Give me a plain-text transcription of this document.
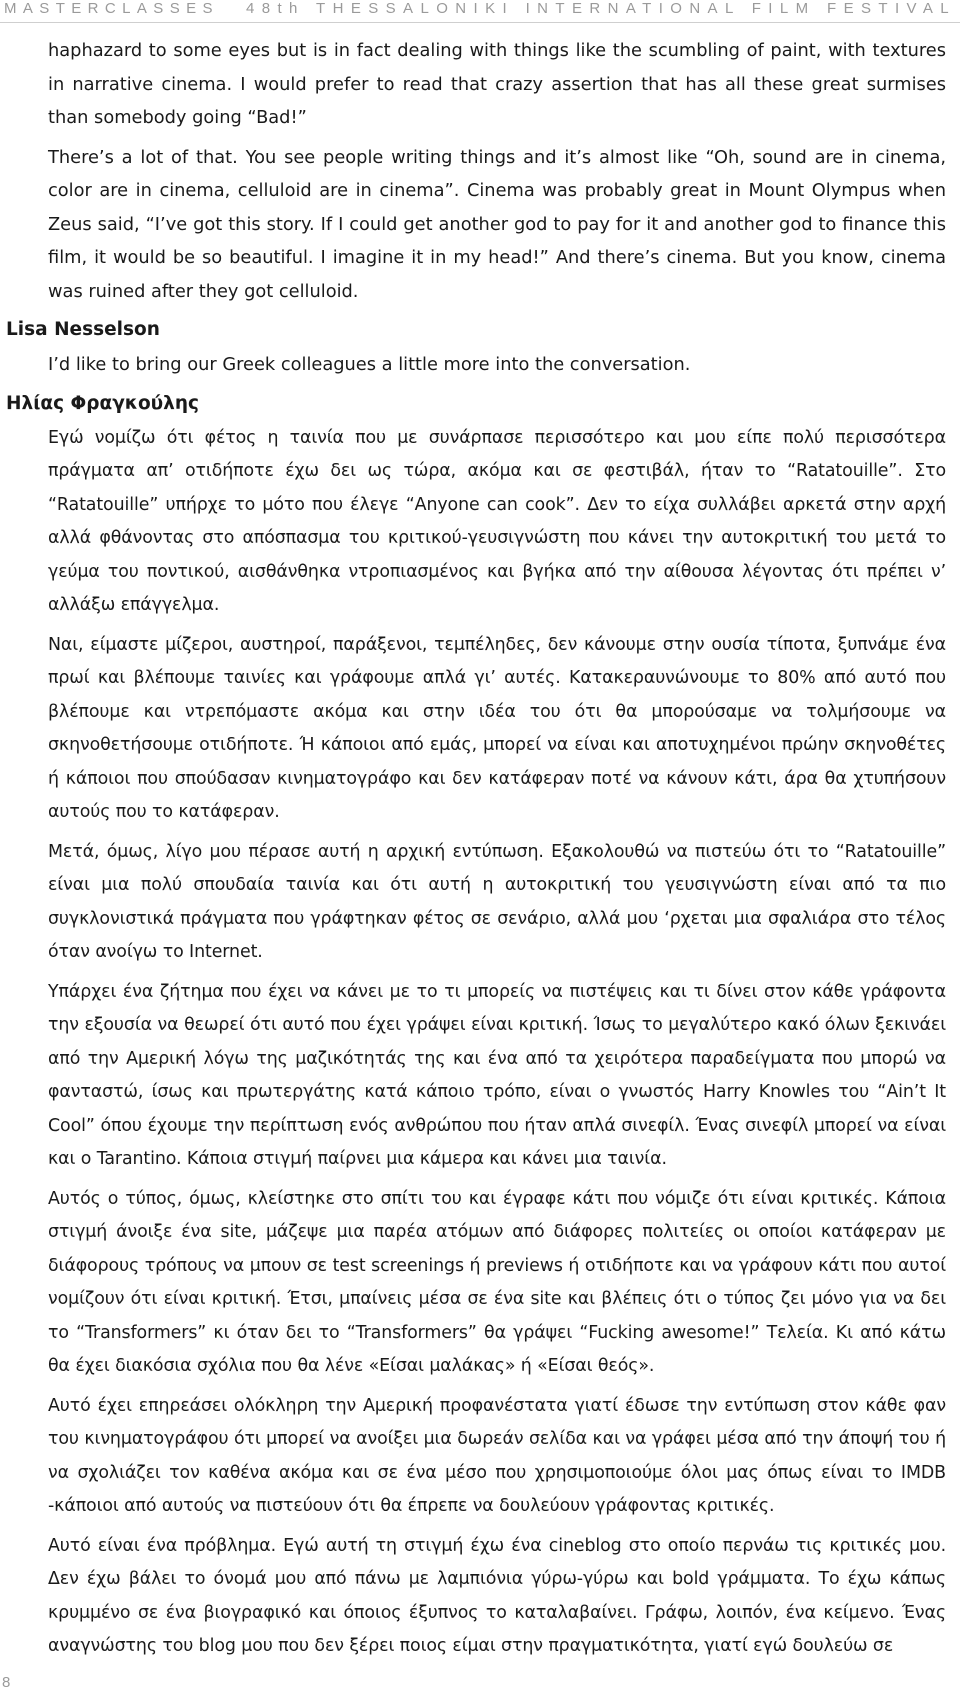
MASTERCLASSES 48th THESSALONIKI INTERNATIONAL FILM FESTIVAL

haphazard to some eyes but is in fact dealing with things like the scumbling of paint, with textures in narrative cinema. I would prefer to read that crazy assertion that has all these great surmises than somebody going “Bad!”

There’s a lot of that. You see people writing things and it’s almost like “Oh, sound are in cinema, color are in cinema, celluloid are in cinema”. Cinema was probably great in Mount Olympus when Zeus said, “I’ve got this story. If I could get another god to pay for it and another god to finance this film, it would be so beautiful. I imagine it in my head!” And there’s cinema. But you know, cinema was ruined after they got celluloid.

Lisa Nesselson

I’d like to bring our Greek colleagues a little more into the conversation.

Ηλίας Φραγκούλης

Εγώ νομίζω ότι φέτος η ταινία που με συνάρπασε περισσότερο και μου είπε πολύ περισσότερα πράγματα απ’ οτιδήποτε έχω δει ως τώρα, ακόμα και σε φεστιβάλ, ήταν το “Ratatouille”. Στο “Ratatouille” υπήρχε το μότο που έλεγε “Anyone can cook”. Δεν το είχα συλλάβει αρκετά στην αρχή αλλά φθάνοντας στο απόσπασμα του κριτικού-γευσιγνώστη που κάνει την αυτοκριτική του μετά το γεύμα του ποντικού, αισθάνθηκα ντροπιασμένος και βγήκα από την αίθουσα λέγοντας ότι πρέπει ν’ αλλάξω επάγγελμα.

Ναι, είμαστε μίζεροι, αυστηροί, παράξενοι, τεμπέληδες, δεν κάνουμε στην ουσία τίποτα, ξυπνάμε ένα πρωί και βλέπουμε ταινίες και γράφουμε απλά γι’ αυτές. Κατακεραυνώνουμε το 80% από αυτό που βλέπουμε και ντρεπόμαστε ακόμα και στην ιδέα του ότι θα μπορούσαμε να τολμήσουμε να σκηνοθετήσουμε οτιδήποτε. Ή κάποιοι από εμάς, μπορεί να είναι και αποτυχημένοι πρώην σκηνοθέτες ή κάποιοι που σπούδασαν κινηματογράφο και δεν κατάφεραν ποτέ να κάνουν κάτι, άρα θα χτυπήσουν αυτούς που το κατάφεραν.

Μετά, όμως, λίγο μου πέρασε αυτή η αρχική εντύπωση. Εξακολουθώ να πιστεύω ότι το “Ratatouille” είναι μια πολύ σπουδαία ταινία και ότι αυτή η αυτοκριτική του γευσιγνώστη είναι από τα πιο συγκλονιστικά πράγματα που γράφτηκαν φέτος σε σενάριο, αλλά μου ‘ρχεται μια σφαλιάρα στο τέλος όταν ανοίγω το Internet.

Υπάρχει ένα ζήτημα που έχει να κάνει με το τι μπορείς να πιστέψεις και τι δίνει στον κάθε γράφοντα την εξουσία να θεωρεί ότι αυτό που έχει γράψει είναι κριτική. Ίσως το μεγαλύτερο κακό όλων ξεκινάει από την Αμερική λόγω της μαζικότητάς της και ένα από τα χειρότερα παραδείγματα που μπορώ να φανταστώ, ίσως και πρωτεργάτης κατά κάποιο τρόπο, είναι ο γνωστός Harry Knowles του “Ain’t It Cool” όπου έχουμε την περίπτωση ενός ανθρώπου που ήταν απλά σινεφίλ. Ένας σινεφίλ μπορεί να είναι και ο Tarantino. Κάποια στιγμή παίρνει μια κάμερα και κάνει μια ταινία.

Αυτός ο τύπος, όμως, κλείστηκε στο σπίτι του και έγραφε κάτι που νόμιζε ότι είναι κριτικές. Κάποια στιγμή άνοιξε ένα site, μάζεψε μια παρέα ατόμων από διάφορες πολιτείες οι οποίοι κατάφεραν με διάφορους τρόπους να μπουν σε test screenings ή previews ή οτιδήποτε και να γράφουν κάτι που αυτοί νομίζουν ότι είναι κριτική. Έτσι, μπαίνεις μέσα σε ένα site και βλέπεις ότι ο τύπος ζει μόνο για να δει το “Transformers” κι όταν δει το “Transformers” θα γράψει “Fucking awesome!” Τελεία. Κι από κάτω θα έχει διακόσια σχόλια που θα λένε «Είσαι μαλάκας» ή «Είσαι θεός».

Αυτό έχει επηρεάσει ολόκληρη την Αμερική προφανέστατα γιατί έδωσε την εντύπωση στον κάθε φαν του κινηματογράφου ότι μπορεί να ανοίξει μια δωρεάν σελίδα και να γράφει μέσα από την άποψή του ή να σχολιάζει τον καθένα ακόμα και σε ένα μέσο που χρησιμοποιούμε όλοι μας όπως είναι το IMDB -κάποιοι από αυτούς να πιστεύουν ότι θα έπρεπε να δουλεύουν γράφοντας κριτικές.

Αυτό είναι ένα πρόβλημα. Εγώ αυτή τη στιγμή έχω ένα cineblog στο οποίο περνάω τις κριτικές μου. Δεν έχω βάλει το όνομά μου από πάνω με λαμπιόνια γύρω-γύρω και bold γράμματα. Το έχω κάπως κρυμμένο σε ένα βιογραφικό και όποιος έξυπνος το καταλαβαίνει. Γράφω, λοιπόν, ένα κείμενο. Ένας αναγνώστης του blog μου που δεν ξέρει ποιος είμαι στην πραγματικότητα, γιατί εγώ δουλεύω σε

8
